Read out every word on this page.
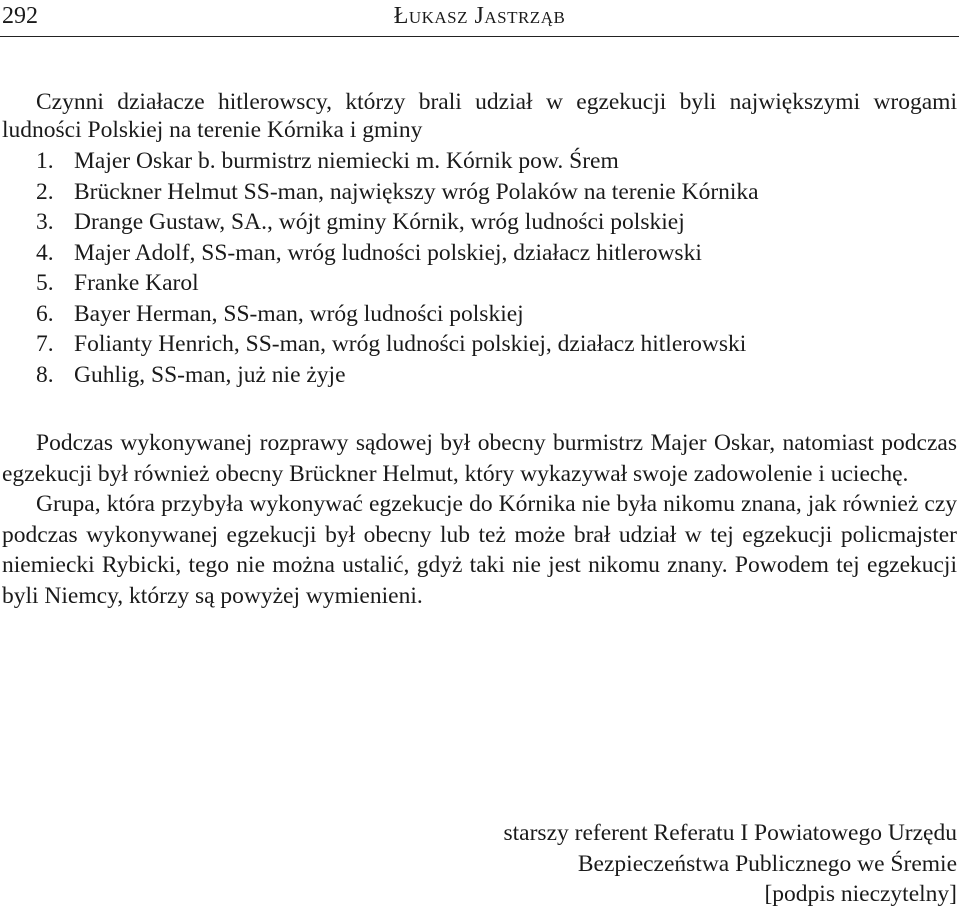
292	Łukasz Jastrząb

Czynni działacze hitlerowscy, którzy brali udział w egzekucji byli największymi wrogami ludności Polskiej na terenie Kórnika i gminy

1. Majer Oskar b. burmistrz niemiecki m. Kórnik pow. Śrem
2. Brückner Helmut SS-man, największy wróg Polaków na terenie Kórnika
3. Drange Gustaw, SA., wójt gminy Kórnik, wróg ludności polskiej
4. Majer Adolf, SS-man, wróg ludności polskiej, działacz hitlerowski
5. Franke Karol
6. Bayer Herman, SS-man, wróg ludności polskiej
7. Folianty Henrich, SS-man, wróg ludności polskiej, działacz hitlerowski
8. Guhlig, SS-man, już nie żyje

Podczas wykonywanej rozprawy sądowej był obecny burmistrz Majer Oskar, natomiast podczas egzekucji był również obecny Brückner Helmut, który wykazywał swoje zadowolenie i uciechę.

Grupa, która przybyła wykonywać egzekucje do Kórnika nie była nikomu znana, jak również czy podczas wykonywanej egzekucji był obecny lub też może brał udział w tej egzekucji policmajster niemiecki Rybicki, tego nie można ustalić, gdyż taki nie jest nikomu znany. Powodem tej egzekucji byli Niemcy, którzy są powyżej wymienieni.

starszy referent Referatu I Powiatowego Urzędu
Bezpieczeństwa Publicznego we Śremie
[podpis nieczytelny]
